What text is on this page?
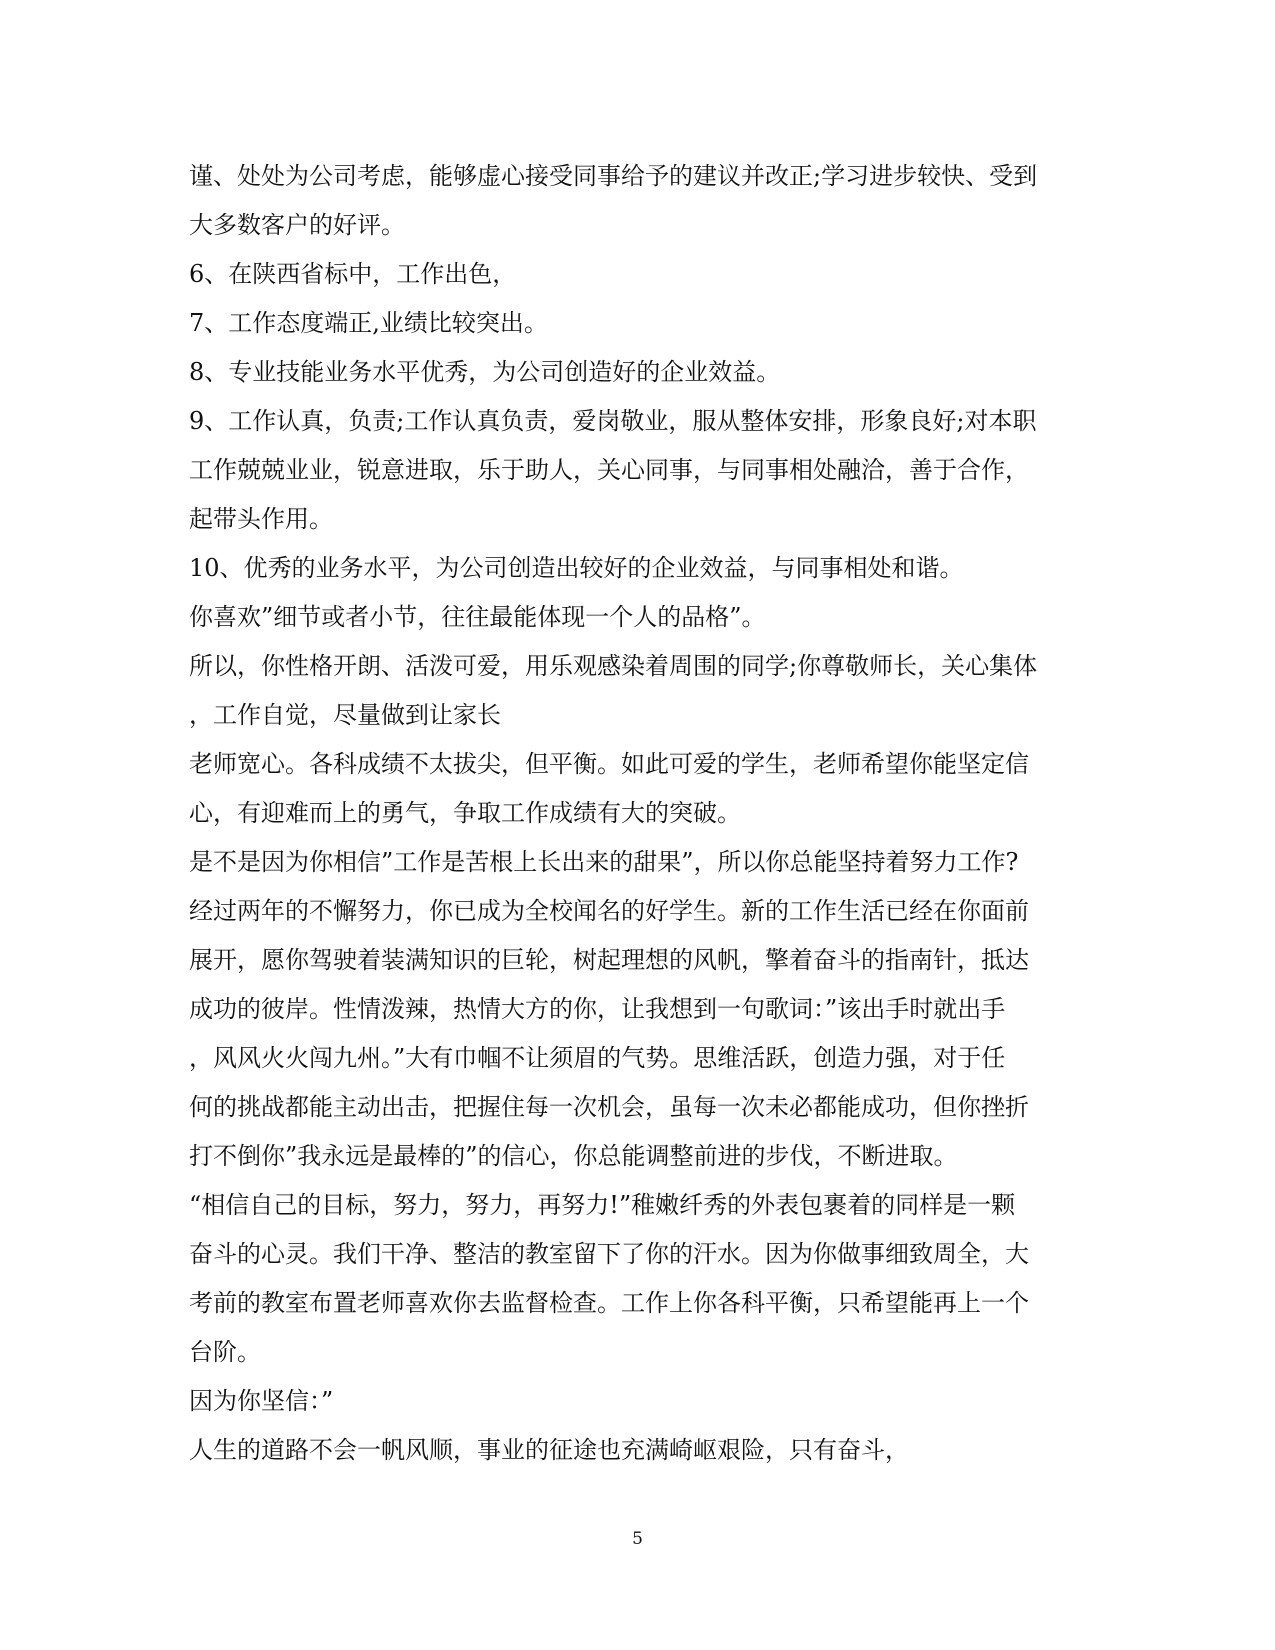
谨、处处为公司考虑，能够虚心接受同事给予的建议并改正;学习进步较快、受到
大多数客户的好评。
6、在陕西省标中，工作出色，
7、工作态度端正,业绩比较突出。
8、专业技能业务水平优秀，为公司创造好的企业效益。
9、工作认真，负责;工作认真负责，爱岗敬业，服从整体安排，形象良好;对本职
工作兢兢业业，锐意进取，乐于助人，关心同事，与同事相处融洽，善于合作，
起带头作用。
10、优秀的业务水平，为公司创造出较好的企业效益，与同事相处和谐。
你喜欢”细节或者小节，往往最能体现一个人的品格”。
所以，你性格开朗、活泼可爱，用乐观感染着周围的同学;你尊敬师长，关心集体
，工作自觉，尽量做到让家长
老师宽心。各科成绩不太拔尖，但平衡。如此可爱的学生，老师希望你能坚定信
心，有迎难而上的勇气，争取工作成绩有大的突破。
是不是因为你相信”工作是苦根上长出来的甜果”，所以你总能坚持着努力工作?
经过两年的不懈努力，你已成为全校闻名的好学生。新的工作生活已经在你面前
展开，愿你驾驶着装满知识的巨轮，树起理想的风帆，擎着奋斗的指南针，抵达
成功的彼岸。性情泼辣，热情大方的你，让我想到一句歌词：”该出手时就出手
，风风火火闯九州。”大有巾帼不让须眉的气势。思维活跃，创造力强，对于任
何的挑战都能主动出击，把握住每一次机会，虽每一次未必都能成功，但你挫折
打不倒你”我永远是最棒的”的信心，你总能调整前进的步伐，不断进取。
“相信自己的目标，努力，努力，再努力!”稚嫩纤秀的外表包裹着的同样是一颗
奋斗的心灵。我们干净、整洁的教室留下了你的汗水。因为你做事细致周全，大
考前的教室布置老师喜欢你去监督检查。工作上你各科平衡，只希望能再上一个
台阶。
因为你坚信：”
人生的道路不会一帆风顺，事业的征途也充满崎岖艰险，只有奋斗，
5
